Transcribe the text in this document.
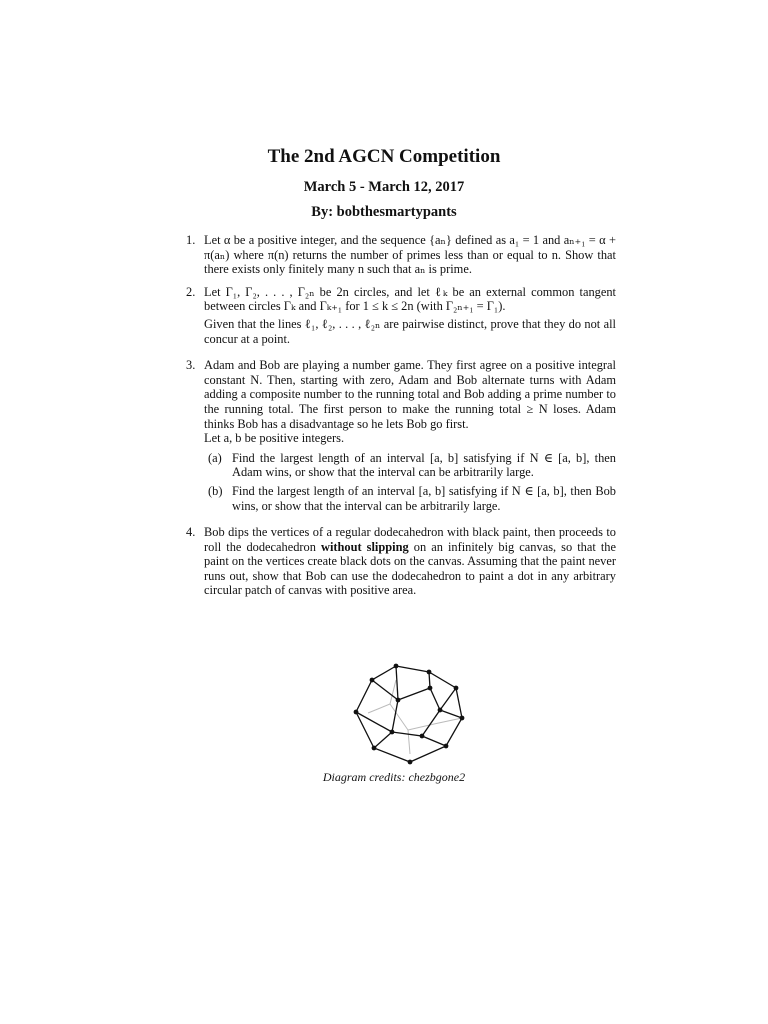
The 2nd AGCN Competition
March 5 - March 12, 2017
By: bobthesmartypants
1. Let α be a positive integer, and the sequence {aₙ} defined as a₁ = 1 and aₙ₊₁ = α + π(aₙ) where π(n) returns the number of primes less than or equal to n. Show that there exists only finitely many n such that aₙ is prime.

2. Let Γ₁, Γ₂, . . . , Γ₂ₙ be 2n circles, and let ℓₖ be an external common tangent between circles Γₖ and Γₖ₊₁ for 1 ≤ k ≤ 2n (with Γ₂ₙ₊₁ = Γ₁).

Given that the lines ℓ₁, ℓ₂, . . . , ℓ₂ₙ are pairwise distinct, prove that they do not all concur at a point.

3. Adam and Bob are playing a number game. They first agree on a positive integral constant N. Then, starting with zero, Adam and Bob alternate turns with Adam adding a composite number to the running total and Bob adding a prime number to the running total. The first person to make the running total ≥ N loses. Adam thinks Bob has a disadvantage so he lets Bob go first.

Let a, b be positive integers.

(a) Find the largest length of an interval [a, b] satisfying if N ∈ [a, b], then Adam wins, or show that the interval can be arbitrarily large.
(b) Find the largest length of an interval [a, b] satisfying if N ∈ [a, b], then Bob wins, or show that the interval can be arbitrarily large.
4. Bob dips the vertices of a regular dodecahedron with black paint, then proceeds to roll the dodecahedron without slipping on an infinitely big canvas, so that the paint on the vertices create black dots on the canvas. Assuming that the paint never runs out, show that Bob can use the dodecahedron to paint a dot in any arbitrary circular patch of canvas with positive area.

Diagram credits: chezbgone2
